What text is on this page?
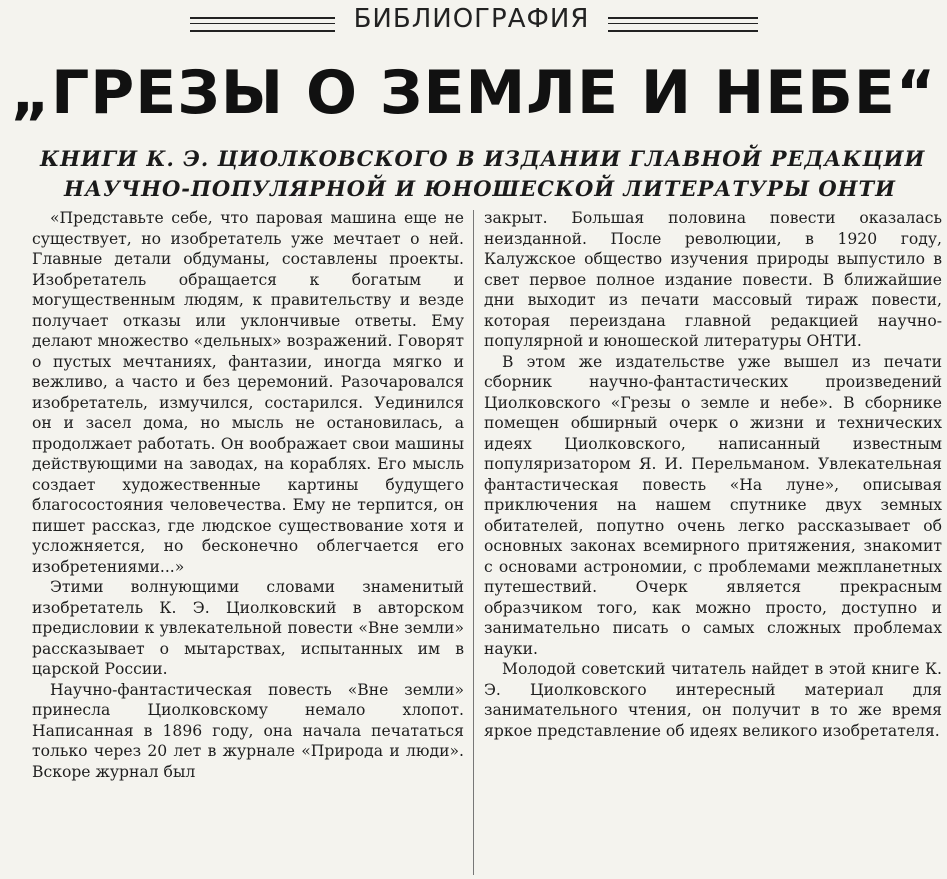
БИБЛИОГРАФИЯ
„ГРЕЗЫ О ЗЕМЛЕ И НЕБЕ“
КНИГИ К. Э. ЦИОЛКОВСКОГО В ИЗДАНИИ ГЛАВНОЙ РЕДАКЦИИ
НАУЧНО-ПОПУЛЯРНОЙ И ЮНОШЕСКОЙ ЛИТЕРАТУРЫ ОНТИ

«Представьте себе, что паровая машина еще не существует, но изобретатель уже мечтает о ней. Главные детали обдуманы, составлены проекты. Изобретатель обращается к богатым и могущественным людям, к правительству и везде получает отказы или уклончивые ответы. Ему делают множество «дельных» возражений. Говорят о пустых мечтаниях, фантазии, иногда мягко и вежливо, а часто и без церемоний. Разочаровался изобретатель, измучился, состарился. Уединился он и засел дома, но мысль не остановилась, а продолжает работать. Он воображает свои машины действующими на заводах, на кораблях. Его мысль создает художественные картины будущего благосостояния человечества. Ему не терпится, он пишет рассказ, где людское существование хотя и усложняется, но бесконечно облегчается его изобретениями...»

Этими волнующими словами знаменитый изобретатель К. Э. Циолковский в авторском предисловии к увлекательной повести «Вне земли» рассказывает о мытарствах, испытанных им в царской России.

Научно-фантастическая повесть «Вне земли» принесла Циолковскому немало хлопот. Написанная в 1896 году, она начала печататься только через 20 лет в журнале «Природа и люди». Вскоре журнал был

закрыт. Большая половина повести оказалась неизданной. После революции, в 1920 году, Калужское общество изучения природы выпустило в свет первое полное издание повести. В ближайшие дни выходит из печати массовый тираж повести, которая переиздана главной редакцией научно-популярной и юношеской литературы ОНТИ.

В этом же издательстве уже вышел из печати сборник научно-фантастических произведений Циолковского «Грезы о земле и небе». В сборнике помещен обширный очерк о жизни и технических идеях Циолковского, написанный известным популяризатором Я. И. Перельманом. Увлекательная фантастическая повесть «На луне», описывая приключения на нашем спутнике двух земных обитателей, попутно очень легко рассказывает об основных законах всемирного притяжения, знакомит с основами астрономии, с проблемами межпланетных путешествий. Очерк является прекрасным образчиком того, как можно просто, доступно и занимательно писать о самых сложных проблемах науки.

Молодой советский читатель найдет в этой книге К. Э. Циолковского интересный материал для занимательного чтения, он получит в то же время яркое представление об идеях великого изобретателя.
